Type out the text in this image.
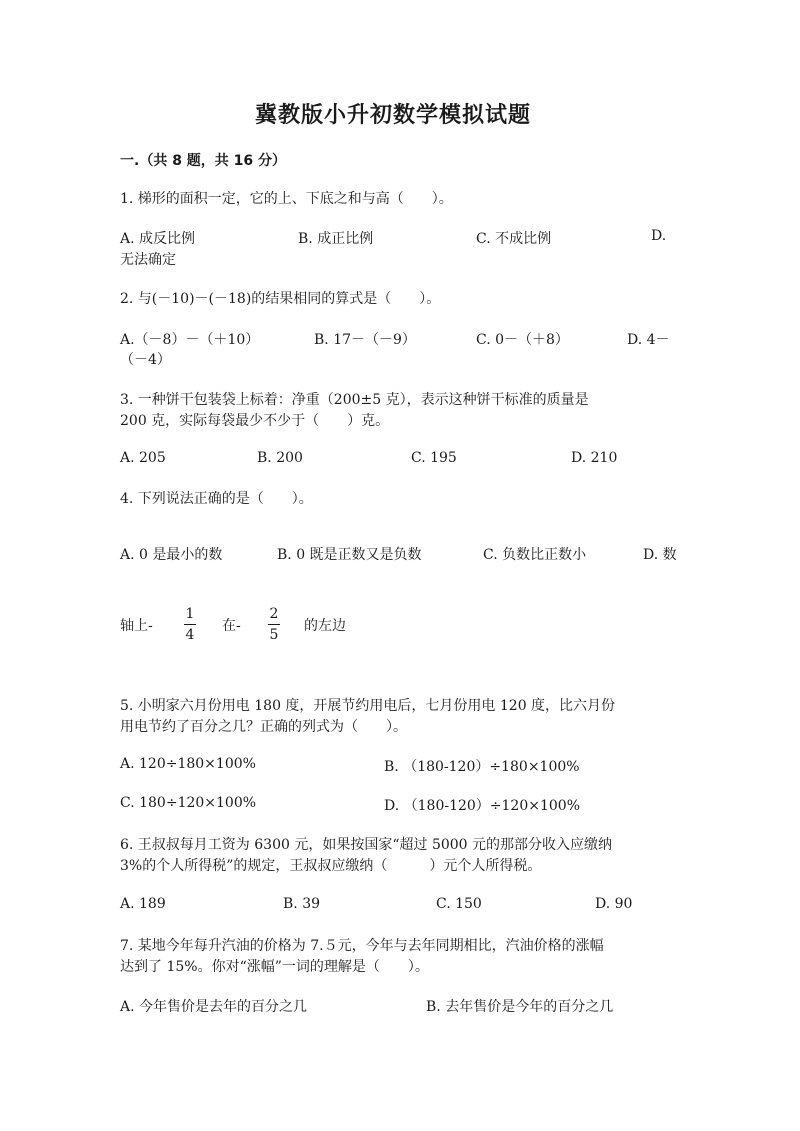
冀教版小升初数学模拟试题
一.（共 8 题，共 16 分）
1. 梯形的面积一定，它的上、下底之和与高（　　）。
A. 成反比例	B. 成正比例	C. 不成比例	D.
无法确定
2. 与(－10)－(－18)的结果相同的算式是（　　）。
A.（－8）－（＋10）	B. 17－（－9）	C. 0－（＋8）	D. 4－
（－4）
3. 一种饼干包装袋上标着：净重（200±5 克），表示这种饼干标准的质量是
200 克，实际每袋最少不少于（　　）克。
A. 205	B. 200	C. 195	D. 210
4. 下列说法正确的是（　　）。
A. 0 是最小的数	B. 0 既是正数又是负数	C. 负数比正数小	D. 数
轴上-
1
4
在-
2
5
的左边
5. 小明家六月份用电 180 度，开展节约用电后，七月份用电 120 度，比六月份
用电节约了百分之几？正确的列式为（　　）。
A. 120÷180×100%	B. （180-120）÷180×100%
C. 180÷120×100%	D. （180-120）÷120×100%
6. 王叔叔每月工资为 6300 元，如果按国家“超过 5000 元的那部分收入应缴纳
3%的个人所得税”的规定，王叔叔应缴纳（　　　）元个人所得税。
A. 189	B. 39	C. 150	D. 90
7. 某地今年每升汽油的价格为 7.５元，今年与去年同期相比，汽油价格的涨幅
达到了 15%。你对“涨幅”一词的理解是（　　）。
A. 今年售价是去年的百分之几	B. 去年售价是今年的百分之几
